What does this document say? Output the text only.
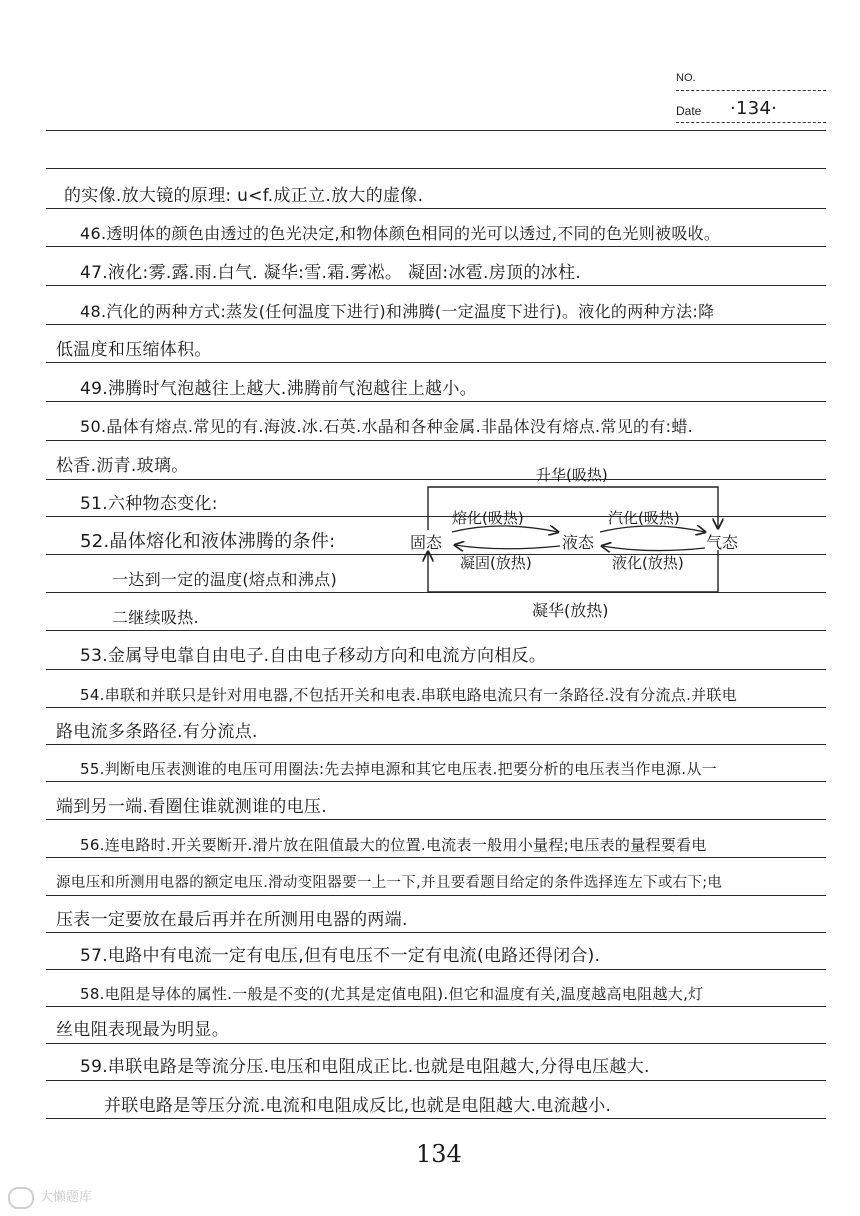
NO.
Date ·134·
的实像.放大镜的原理: u<f.成正立.放大的虚像.
46.透明体的颜色由透过的色光决定,和物体颜色相同的光可以透过,不同的色光则被吸收。
47.液化:雾.露.雨.白气. 凝华:雪.霜.雾凇。 凝固:冰雹.房顶的冰柱.
48.汽化的两种方式:蒸发(任何温度下进行)和沸腾(一定温度下进行)。液化的两种方法:降
低温度和压缩体积。
49.沸腾时气泡越往上越大.沸腾前气泡越往上越小。
50.晶体有熔点.常见的有.海波.冰.石英.水晶和各种金属.非晶体没有熔点.常见的有:蜡.
松香.沥青.玻璃。
51.六种物态变化:
52.晶体熔化和液体沸腾的条件:
一达到一定的温度(熔点和沸点)
二继续吸热.
53.金属导电靠自由电子.自由电子移动方向和电流方向相反。
54.串联和并联只是针对用电器,不包括开关和电表.串联电路电流只有一条路径.没有分流点.并联电
路电流多条路径.有分流点.
55.判断电压表测谁的电压可用圈法:先去掉电源和其它电压表.把要分析的电压表当作电源.从一
端到另一端.看圈住谁就测谁的电压.
56.连电路时.开关要断开.滑片放在阻值最大的位置.电流表一般用小量程;电压表的量程要看电
源电压和所测用电器的额定电压.滑动变阻器要一上一下,并且要看题目给定的条件选择连左下或右下;电
压表一定要放在最后再并在所测用电器的两端.
57.电路中有电流一定有电压,但有电压不一定有电流(电路还得闭合).
58.电阻是导体的属性.一般是不变的(尤其是定值电阻).但它和温度有关,温度越高电阻越大,灯
丝电阻表现最为明显。
59.串联电路是等流分压.电压和电阻成正比.也就是电阻越大,分得电压越大.
并联电路是等压分流.电流和电阻成反比,也就是电阻越大.电流越小.
升华(吸热)
熔化(吸热)	汽化(吸热)
固态	液态	气态
凝固(放热)	液化(放热)
凝华(放热)
134
大懒题库
